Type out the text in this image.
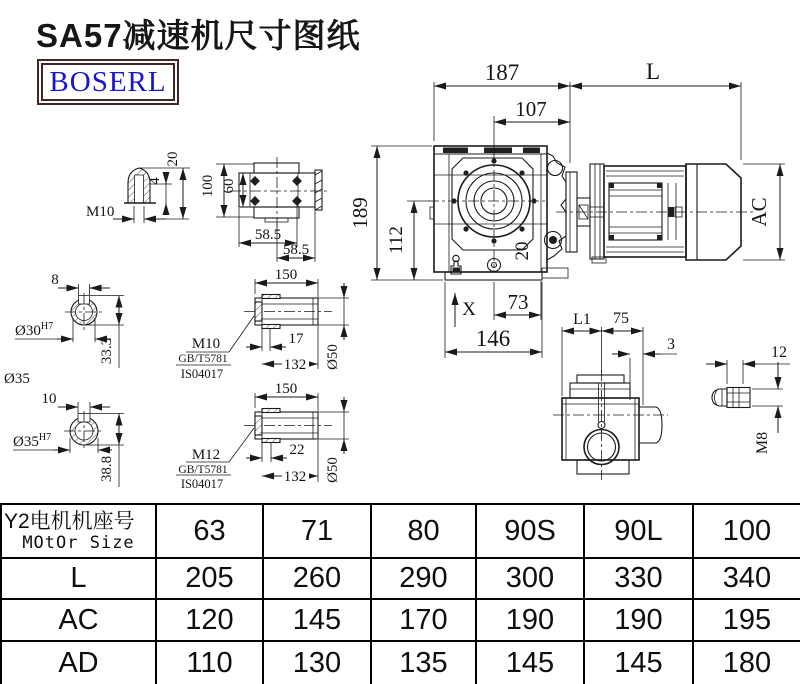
SA57减速机尺寸图纸
BOSERL
M10
4
20
100 60
58.5
58.5
8
$Ø30^{H7}$
33.3
Ø35
10
$Ø35^{H7}$
38.8
150
17
132 Ø50
M10
GB/T5781
IS04017
150
22
132 Ø50
M12
GB/T5781
IS04017
187	L
107
189
112	20
X 73
146
AC
L1 75
3	12
M8
Y2电机机座号
MOtOr Size	63	71	80	90S	90L	100
L	205	260	290	300	330	340
AC	120	145	170	190	190	195
AD	110	130	135	145	145	180
